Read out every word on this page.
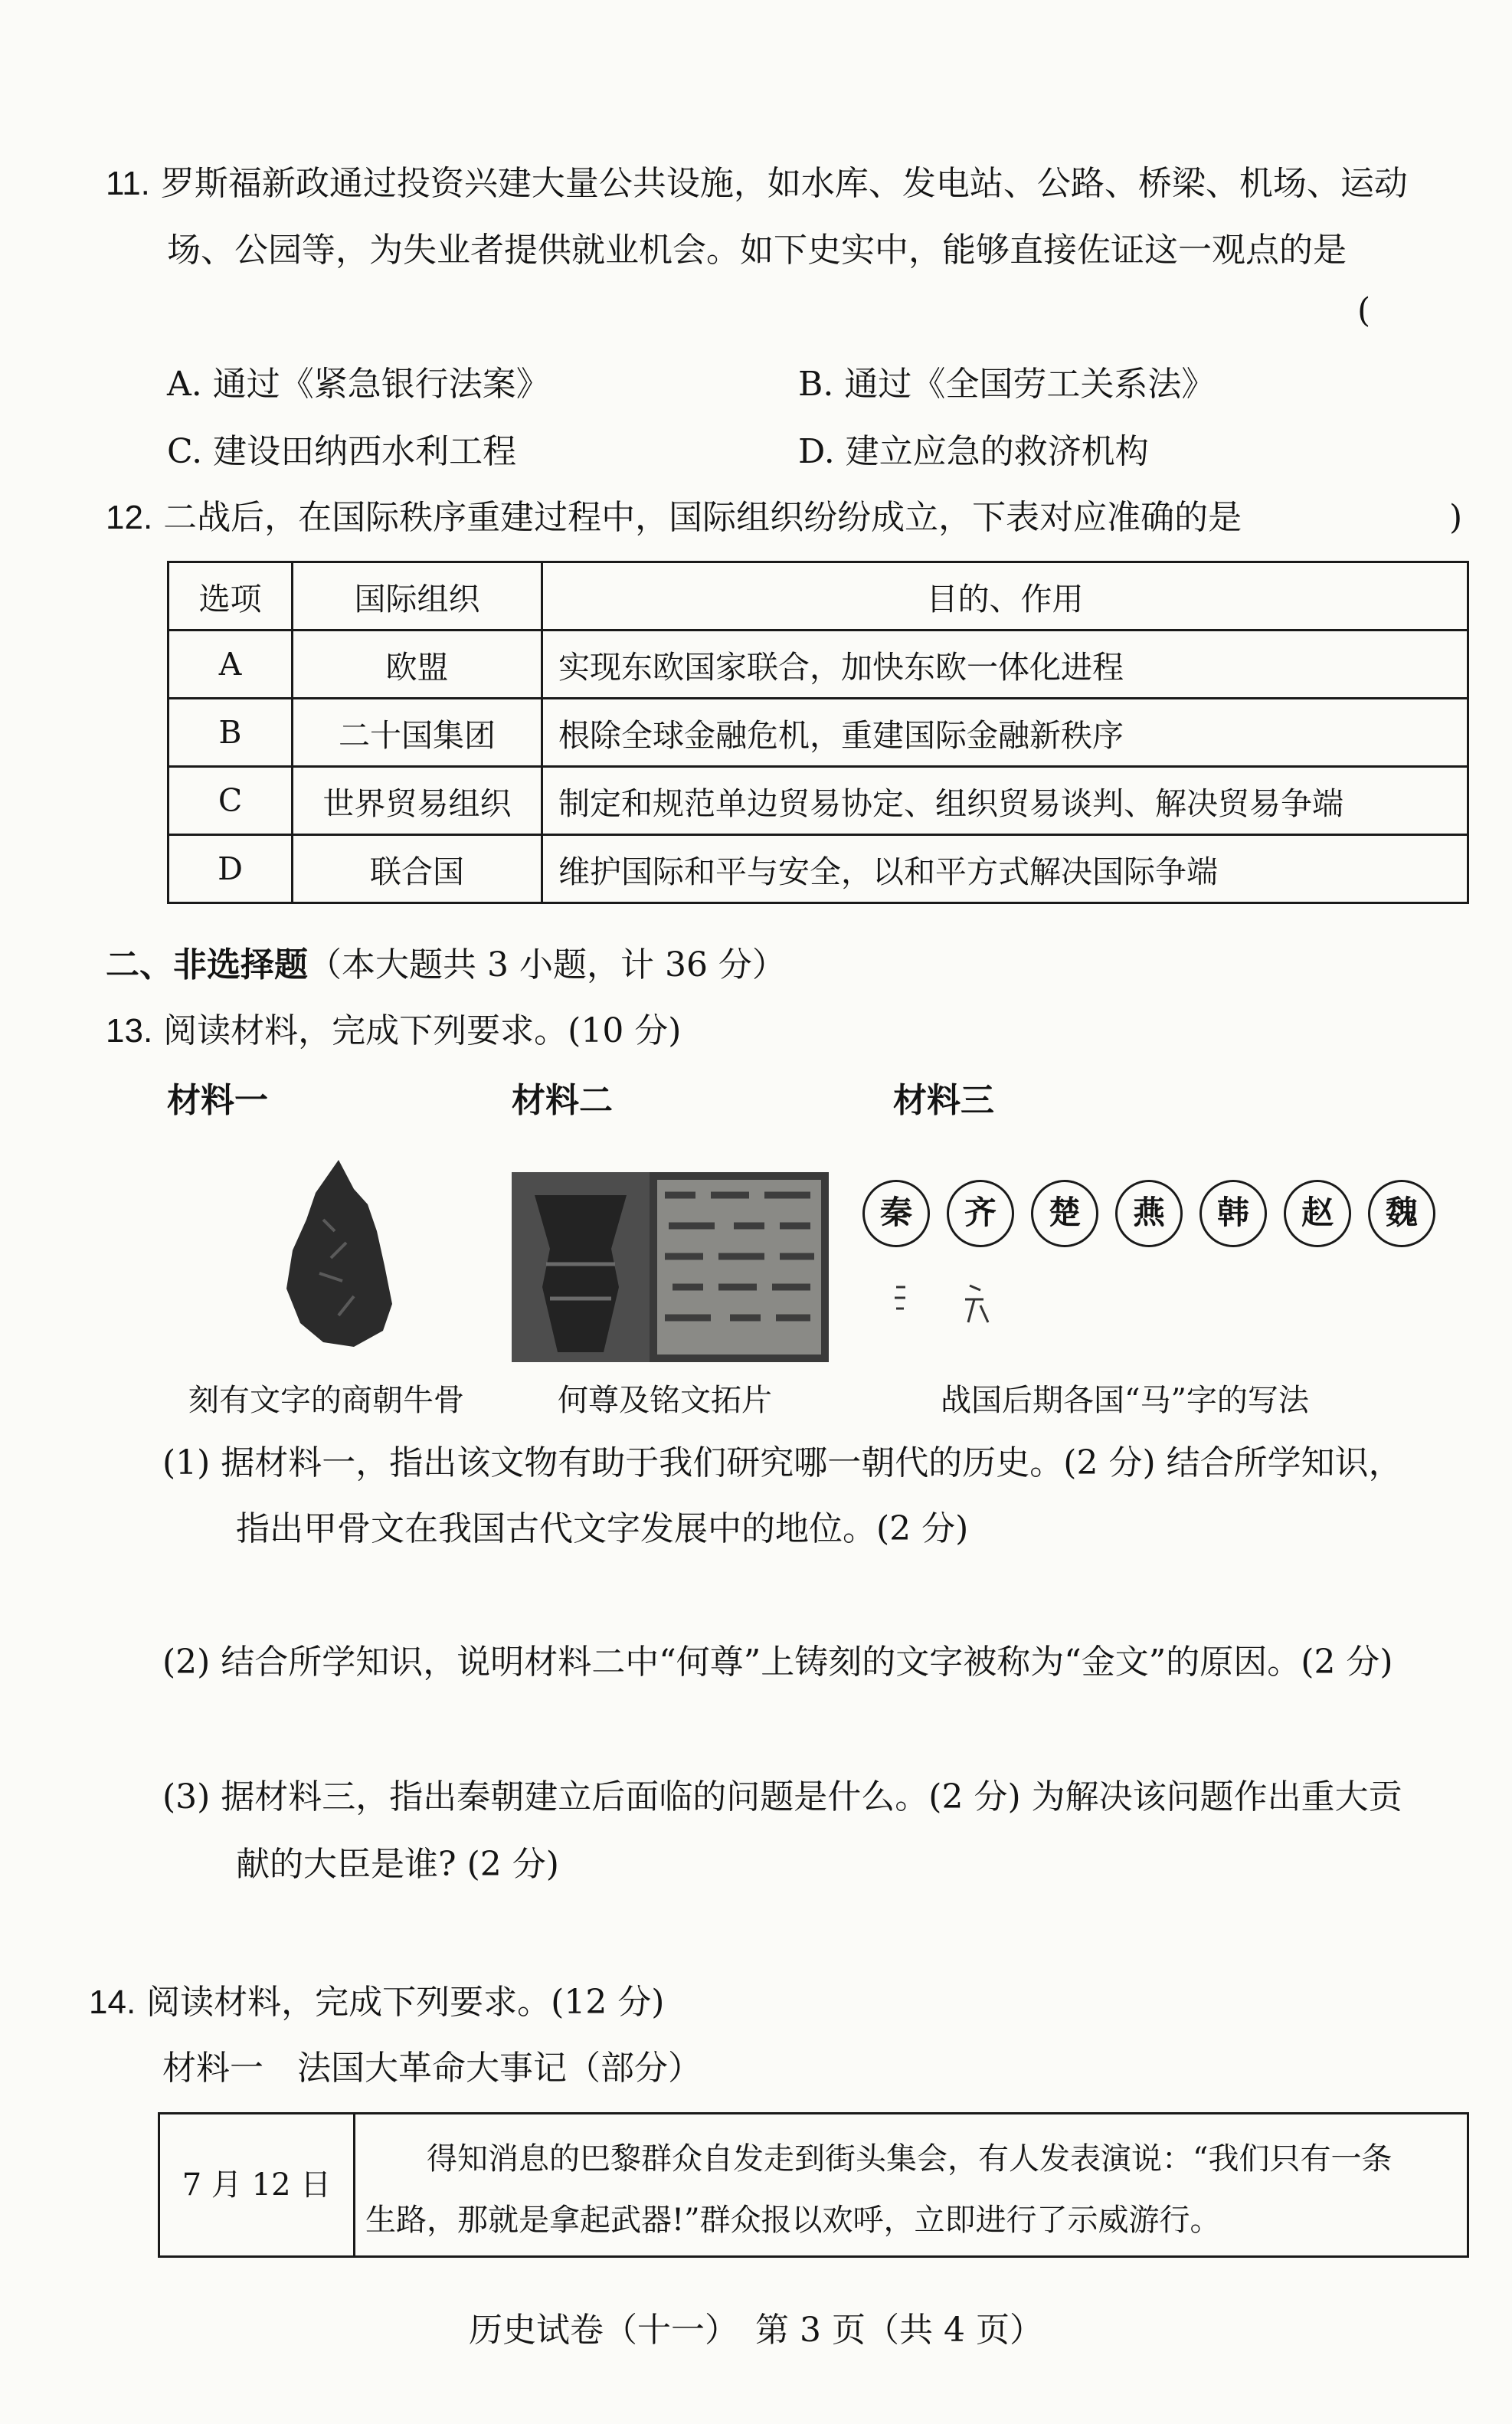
11. 罗斯福新政通过投资兴建大量公共设施，如水库、发电站、公路、桥梁、机场、运动
场、公园等，为失业者提供就业机会。如下史实中，能够直接佐证这一观点的是
(
A. 通过《紧急银行法案》	B. 通过《全国劳工关系法》
C. 建设田纳西水利工程	D. 建立应急的救济机构
12. 二战后，在国际秩序重建过程中，国际组织纷纷成立，下表对应准确的是	)
选项	国际组织	目的、作用
A	欧盟	实现东欧国家联合，加快东欧一体化进程
B	二十国集团	根除全球金融危机，重建国际金融新秩序
C	世界贸易组织	制定和规范单边贸易协定、组织贸易谈判、解决贸易争端
D	联合国	维护国际和平与安全，以和平方式解决国际争端
二、非选择题（本大题共 3 小题，计 36 分）
13. 阅读材料，完成下列要求。(10 分)
材料一	材料二	材料三
秦	齐	楚	燕	韩	赵	魏
刻有文字的商朝牛骨	何尊及铭文拓片	战国后期各国“马”字的写法
(1) 据材料一，指出该文物有助于我们研究哪一朝代的历史。(2 分) 结合所学知识，
指出甲骨文在我国古代文字发展中的地位。(2 分)
(2) 结合所学知识，说明材料二中“何尊”上铸刻的文字被称为“金文”的原因。(2 分)
(3) 据材料三，指出秦朝建立后面临的问题是什么。(2 分) 为解决该问题作出重大贡
献的大臣是谁? (2 分)
14. 阅读材料，完成下列要求。(12 分)
材料一　法国大革命大事记（部分）
7 月 12 日
得知消息的巴黎群众自发走到街头集会，有人发表演说：“我们只有一条
生路，那就是拿起武器!”群众报以欢呼，立即进行了示威游行。
历史试卷（十一）　第 3 页（共 4 页）
